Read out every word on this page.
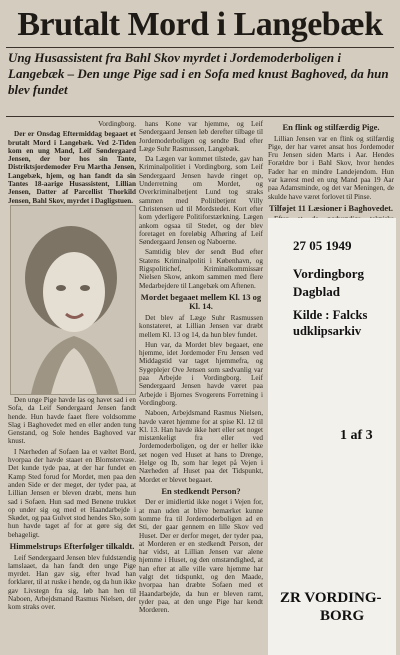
Brutalt Mord i Langebæk
Ung Husassistent fra Bahl Skov myrdet i Jordemoderboligen i Langebæk – Den unge Pige sad i en Sofa med knust Baghoved, da hun blev fundet

Vordingborg.

Der er Onsdag Eftermiddag begaaet et brutalt Mord i Langebæk. Ved 2-Tiden kom en ung Mand, Leif Søndergaard Jensen, der bor hos sin Tante, Distriktsjordemoder Fru Martha Jensen, Langebæk, hjem, og han fandt da sin Tantes 18-aarige Husassistent, Lillian Jensen, Datter af Parcellist Thorkild Jensen, Bahl Skov, myrdet i Dagligstuen.

Den unge Pige havde las og havet sad i en Sofa, da Leif Søndergaard Jensen fandt hende. Hun havde faaet flere voldsomme Slag i Baghovedet med en eller anden tung Genstand, og Sole hendes Baghoved var knust.

I Nærheden af Sofaen laa et væltet Bord, hvorpaa der havde staaet en Blomstervase. Det kunde tyde paa, at der har fundet en Kamp Sted forud for Mordet, men paa den anden Side er der meget, der tyder paa, at Lillian Jensen er bleven dræbt, mens hun sad i Sofaen. Hun sad med Benene trukket op under sig og med et Haandarbejde i Skødet, og paa Gulvet stod hendes Sko, som hun havde taget af for at gøre sig det behageligt.

Himmelstrups Efterfølger tilkaldt.

Leif Søndergaard Jensen blev fuldstændig lamslaaet, da han fandt den unge Pige myrdet. Han gav sig, efter hvad han forklarer, til at ruske i hende, og da hun ikke gav Livstegn fra sig, løb han hen til Naboen, Arbejdsmand Rasmus Nielsen, der kom straks over.

hans Kone var hjemme, og Leif Søndergaard Jensen løb derefter tilbage til Jordemoderboligen og sendte Bud efter Læge Suhr Rasmussen, Langebæk.

Da Lægen var kommet tilstede, gav han Kriminalpolitiet i Vordingborg, som Leif Søndergaard Jensen havde ringet op, Underretning om Mordet, og Overkriminalbetjent Lund tog straks sammen med Politibetjent Villy Christensen ud til Mordstedet. Kort efter kom yderligere Politiforstærkning. Lægen ankom ogsaa til Stedet, og der blev foretaget en foreløbig Afhøring af Leif Søndergaard Jensen og Naboerne.

Samtidig blev der sendt Bud efter Statens Kriminalpoliti i København, og Rigspolitichef, Kriminalkommissær Nielsen Skow, ankom sammen med flere Medarbejdere til Langebæk om Aftenen.

Mordet begaaet mellem Kl. 13 og Kl. 14.

Det blev af Læge Suhr Rasmussen konstateret, at Lillian Jensen var dræbt mellem Kl. 13 og 14, da hun blev fundet.

Hun var, da Mordet blev begaaet, ene hjemme, idet Jordemoder Fru Jensen ved Middagstid var taget hjemmefra, og Sygeplejer Ove Jensen som sædvanlig var paa Arbejde i Vordingborg. Leif Søndergaard Jensen havde været paa Arbejde i Bjornes Svogerens Forretning i Vordingborg.

Naboen, Arbejdsmand Rasmus Nielsen, havde været hjemme for at spise Kl. 12 til Kl. 13. Han havde ikke hørt eller set noget mistænkeligt fra eller ved Jordemoderboligen, og der er heller ikke set nogen ved Huset at hans to Drenge, Helge og Ib, som har leget på Vejen i Nærheden af Huset paa det Tidspunkt, Mordet er blevet begaaet.

En stedkendt Person?

Der er imidlertid ikke noget i Vejen for, at man uden at blive bemærket kunne komme fra til Jordemoderboligen ad en Sti, der gaar gennem en lille Skov ved Huset. Der er derfor meget, der tyder paa, at Morderen er en stedkendt Person, der har vidst, at Lillian Jensen var alene hjemme i Huset, og den omstændighed, at han efter at alle ville være hjemme har valgt det tidspunkt, og den Maade, hvorpaa han dræbte Sofaen med et Haandarbejde, da hun er bleven ramt, tyder paa, at den unge Pige har kendt Morderen.

En flink og stilfærdig Pige.

Lillian Jensen var en flink og stilfærdig Pige, der har været ansat hos Jordemoder Fru Jensen siden Marts i Aar. Hendes Forældre bor i Bahl Skov, hvor hendes Fader har en mindre Landejendom. Hun var kærest med en ung Mand paa 19 Aar paa Adamsminde, og det var Meningen, de skulde have været forlovet til Pinse.

Tilføjet 11 Læsioner i Baghovedet.

27 05 1949
Vordingborg
Dagblad
Kilde : Falcks
udklipsarkiv
1 af 3
ZR VORDING-
BORG
